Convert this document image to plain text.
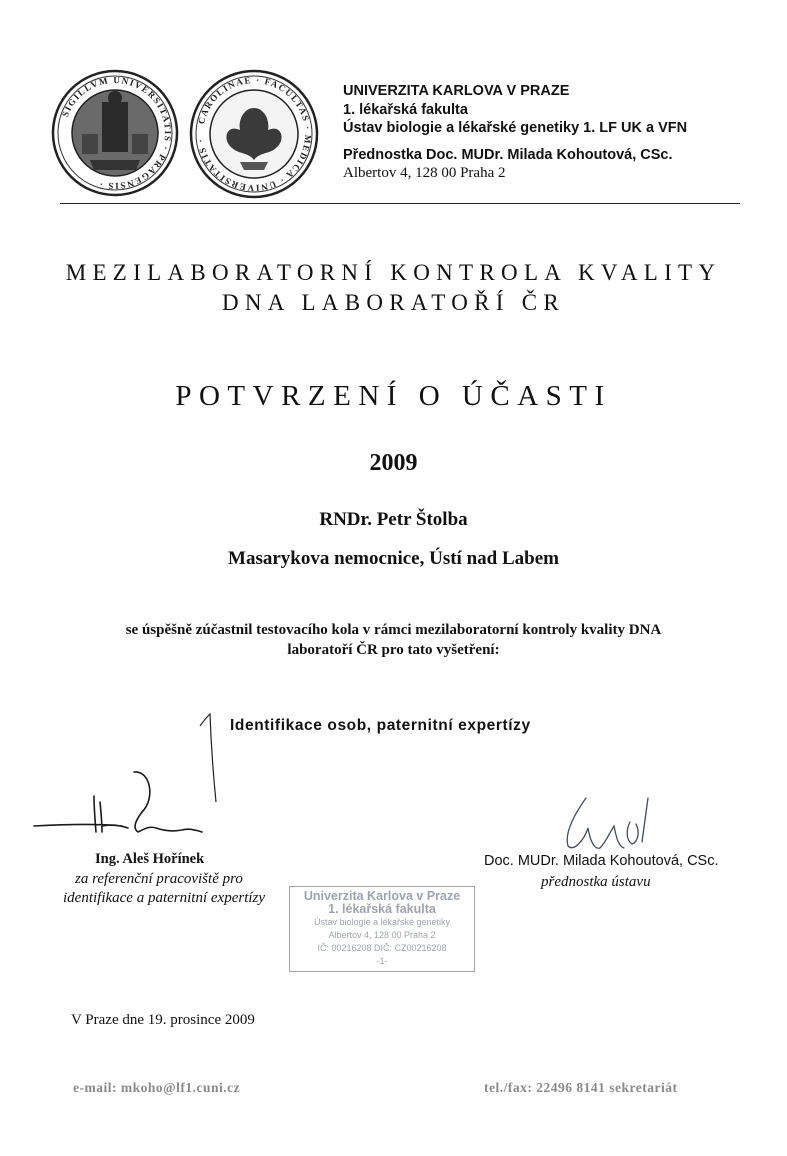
SIGILLVM UNIVERSITATIS · PRAGENSIS ·
CAROLINAE · FACULTAS · MEDICA · UNIVERSITATIS ·
UNIVERZITA KARLOVA V PRAZE
1. lékařská fakulta
Ústav biologie a lékařské genetiky 1. LF UK a VFN
Přednostka Doc. MUDr. Milada Kohoutová, CSc.
Albertov 4, 128 00 Praha 2
MEZILABORATORNÍ KONTROLA KVALITY
DNA LABORATOŘÍ ČR
POTVRZENÍ O ÚČASTI
2009
RNDr. Petr Štolba
Masarykova nemocnice, Ústí nad Labem
se úspěšně zúčastnil testovacího kola v rámci mezilaboratorní kontroly kvality DNA
laboratoří ČR pro tato vyšetření:
Identifikace osob, paternitní expertízy
Ing. Aleš Hořínek
za referenční pracoviště pro
identifikace a paternitní expertízy
Doc. MUDr. Milada Kohoutová, CSc.
přednostka ústavu
Univerzita Karlova v Praze
1. lékařská fakulta
Ústav biologie a lékařské genetiky
Albertov 4, 128 00 Praha 2
IČ: 00216208 DIČ: CZ00216208
-1-
V Praze dne 19. prosince 2009
e-mail: mkoho@lf1.cuni.cz	tel./fax: 22496 8141 sekretariát
